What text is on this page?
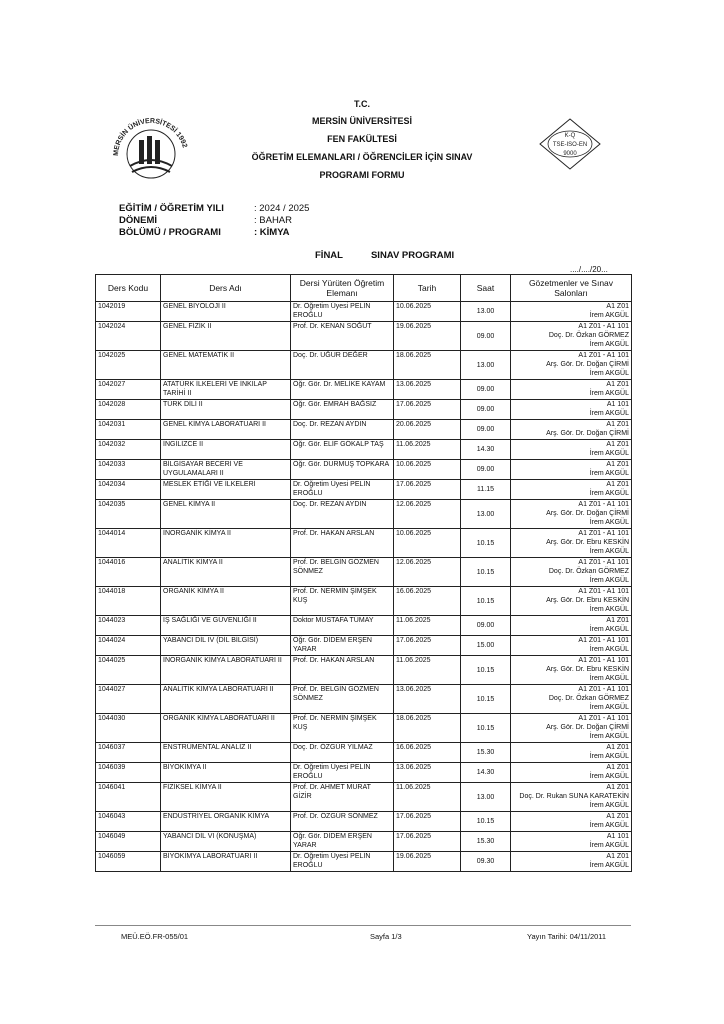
MERSİN ÜNİVERSİTESİ 1992
K-Q
TSE-ISO-EN
9000
T.C.
MERSİN ÜNİVERSİTESİ
FEN FAKÜLTESİ
ÖĞRETİM ELEMANLARI / ÖĞRENCİLER İÇİN SINAV
PROGRAMI FORMU
EĞİTİM / ÖĞRETİM YILI	: 2024 / 2025
DÖNEMİ	: BAHAR
BÖLÜMÜ / PROGRAMI	: KİMYA
FİNAL	SINAV PROGRAMI
..../..../20...
Ders Kodu	Ders Adı	Dersi Yürüten Öğretim Elemanı	Tarih	Saat	Gözetmenler ve Sınav Salonları
1042019	GENEL BİYOLOJİ II	Dr. Öğretim Üyesi PELİN EROĞLU	10.06.2025	13.00	A1 Z01
İrem AKGÜL
1042024	GENEL FİZİK II	Prof. Dr. KENAN SOĞUT	19.06.2025	09.00	A1 Z01 - A1 101
Doç. Dr. Özkan GÖRMEZ
İrem AKGÜL
1042025	GENEL MATEMATİK II	Doç. Dr. UĞUR DEĞER	18.06.2025	13.00	A1 Z01 - A1 101
Arş. Gör. Dr. Doğan ÇİRMİ
İrem AKGÜL
1042027	ATATÜRK İLKELERİ VE İNKILAP TARİHİ II	Öğr. Gör. Dr. MELİKE KAYAM	13.06.2025	09.00	A1 Z01
İrem AKGÜL
1042028	TÜRK DİLİ II	Öğr. Gör. EMRAH BAĞSIZ	17.06.2025	09.00	A1 101
İrem AKGÜL
1042031	GENEL KİMYA LABORATUARI II	Doç. Dr. REZAN AYDIN	20.06.2025	09.00	A1 Z01
Arş. Gör. Dr. Doğan ÇİRMİ
1042032	İNGİLİZCE II	Öğr. Gör. ELİF GÖKALP TAŞ	11.06.2025	14.30	A1 Z01
İrem AKGÜL
1042033	BİLGİSAYAR BECERİ VE UYGULAMALARI II	Öğr. Gör. DURMUŞ TOPKARA	10.06.2025	09.00	A1 Z01
İrem AKGÜL
1042034	MESLEK ETİĞİ VE İLKELERİ	Dr. Öğretim Üyesi PELİN EROĞLU	17.06.2025	11.15	A1 Z01
İrem AKGÜL
1042035	GENEL KİMYA II	Doç. Dr. REZAN AYDIN	12.06.2025	13.00	A1 Z01 - A1 101
Arş. Gör. Dr. Doğan ÇİRMİ
İrem AKGÜL
1044014	İNORGANİK KİMYA II	Prof. Dr. HAKAN ARSLAN	10.06.2025	10.15	A1 Z01 - A1 101
Arş. Gör. Dr. Ebru KESKİN
İrem AKGÜL
1044016	ANALİTİK KİMYA II	Prof. Dr. BELGİN GÖZMEN SÖNMEZ	12.06.2025	10.15	A1 Z01 - A1 101
Doç. Dr. Özkan GÖRMEZ
İrem AKGÜL
1044018	ORGANİK KİMYA II	Prof. Dr. NERMİN ŞİMŞEK KUŞ	16.06.2025	10.15	A1 Z01 - A1 101
Arş. Gör. Dr. Ebru KESKİN
İrem AKGÜL
1044023	İŞ SAĞLIĞI VE GÜVENLİĞİ II	Doktor MUSTAFA TÜMAY	11.06.2025	09.00	A1 Z01
İrem AKGÜL
1044024	YABANCI DİL IV (DİL BİLGİSİ)	Öğr. Gör. DİDEM ERŞEN YARAR	17.06.2025	15.00	A1 Z01 - A1 101
İrem AKGÜL
1044025	İNORGANİK KİMYA LABORATUARI II	Prof. Dr. HAKAN ARSLAN	11.06.2025	10.15	A1 Z01 - A1 101
Arş. Gör. Dr. Ebru KESKİN
İrem AKGÜL
1044027	ANALİTİK KİMYA LABORATUARI II	Prof. Dr. BELGİN GÖZMEN SÖNMEZ	13.06.2025	10.15	A1 Z01 - A1 101
Doç. Dr. Özkan GÖRMEZ
İrem AKGÜL
1044030	ORGANİK KİMYA LABORATUARI II	Prof. Dr. NERMİN ŞİMŞEK KUŞ	18.06.2025	10.15	A1 Z01 - A1 101
Arş. Gör. Dr. Doğan ÇİRMİ
İrem AKGÜL
1046037	ENSTRÜMENTAL ANALİZ II	Doç. Dr. ÖZGÜR YILMAZ	16.06.2025	15.30	A1 Z01
İrem AKGÜL
1046039	BİYOKİMYA II	Dr. Öğretim Üyesi PELİN EROĞLU	13.06.2025	14.30	A1 Z01
İrem AKGÜL
1046041	FİZİKSEL KİMYA II	Prof. Dr. AHMET MURAT GİZİR	11.06.2025	13.00	A1 Z01
Doç. Dr. Rukan SUNA KARATEKİN
İrem AKGÜL
1046043	ENDÜSTRİYEL ORGANİK KİMYA	Prof. Dr. ÖZGÜR SÖNMEZ	17.06.2025	10.15	A1 Z01
İrem AKGÜL
1046049	YABANCI DİL VI (KONUŞMA)	Öğr. Gör. DİDEM ERŞEN YARAR	17.06.2025	15.30	A1 101
İrem AKGÜL
1046059	BİYOKİMYA LABORATUARI II	Dr. Öğretim Üyesi PELİN EROĞLU	19.06.2025	09.30	A1 Z01
İrem AKGÜL
MEÜ.EÖ.FR-055/01	Sayfa 1/3	Yayın Tarihi: 04/11/2011
